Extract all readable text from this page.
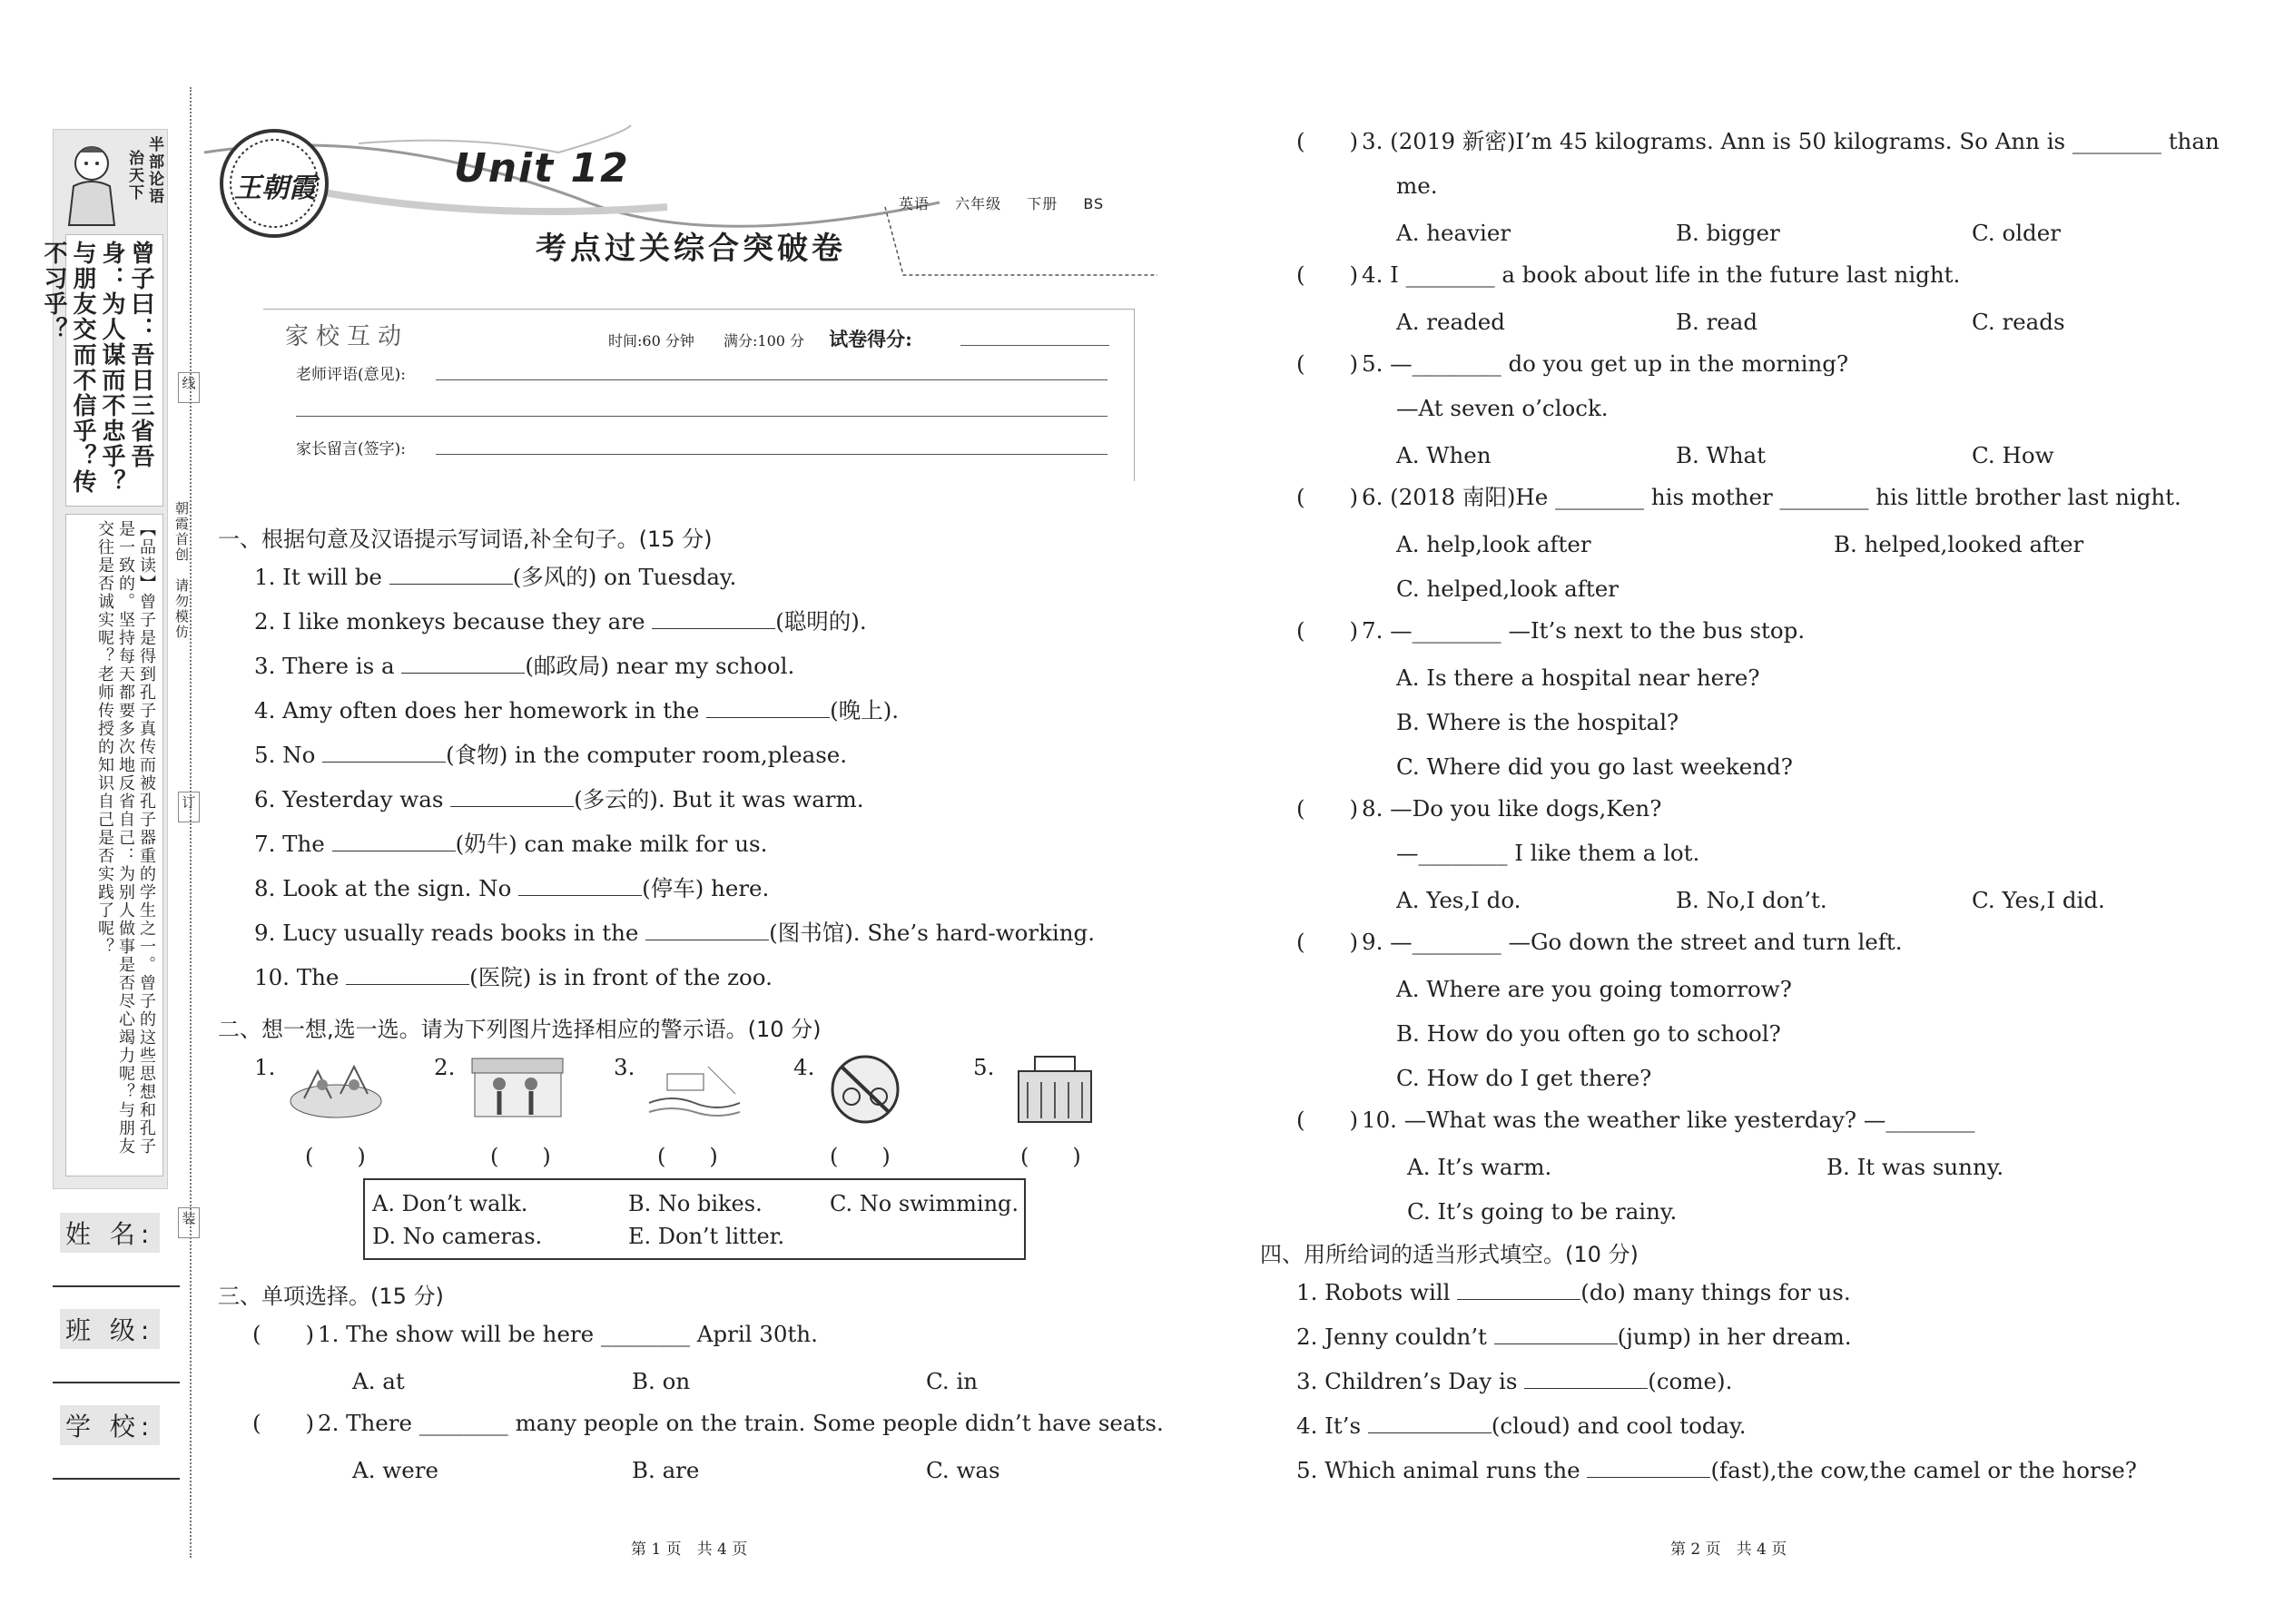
半部论语
治天下
曾子曰：吾日三省吾身：为人谋而不忠乎？与朋友交而不信乎？传不习乎？
【品读】曾子是得到孔子真传而被孔子器重的学生之一。曾子的这些思想和孔子是一致的。坚持每天都要多次地反省自己：为别人做事是否尽心竭力呢？与朋友交往是否诚实呢？老师传授的知识自己是否实践了呢？	朝霞首创　请勿模仿
线
订
装
姓 名:
班 级:
学 校:
王朝霞	Unit 12
考点过关综合突破卷
英语 六年级 下册 BS
家校互动	时间:60 分钟 满分:100 分 试卷得分:
老师评语(意见):
家长留言(签字):
一、根据句意及汉语提示写词语,补全句子。(15 分)
1. It will be	(多风的) on Tuesday.
2. I like monkeys because they are	(聪明的).
3. There is a	(邮政局) near my school.
4. Amy often does her homework in the	(晚上).
5. No	(食物) in the computer room,please.
6. Yesterday was	(多云的). But it was warm.
7. The	(奶牛) can make milk for us.
8. Look at the sign. No	(停车) here.
9. Lucy usually reads books in the	(图书馆). She’s hard-working.
10. The	(医院) is in front of the zoo.
二、想一想,选一选。请为下列图片选择相应的警示语。(10 分)
1.	2.	3.	4.	5.
(　　)	(　　)	(　　)	(　　)	(　　)
A. Don’t walk.	B. No bikes.	C. No swimming.
D. No cameras.	E. Don’t litter.
三、单项选择。(15 分)
(　　) 1. The show will be here ________ April 30th.
A. at	B. on	C. in
(　　) 2. There ________ many people on the train. Some people didn’t have seats.
A. were	B. are	C. was
第 1 页　共 4 页
(　　) 3. (2019 新密)I’m 45 kilograms. Ann is 50 kilograms. So Ann is ________ than
me.
A. heavier	B. bigger	C. older
(　　) 4. I ________ a book about life in the future last night.
A. readed	B. read	C. reads
(　　) 5. —________ do you get up in the morning?
—At seven o’clock.
A. When	B. What	C. How
(　　) 6. (2018 南阳)He ________ his mother ________ his little brother last night.
A. help,look after	B. helped,looked after
C. helped,look after
(　　) 7. —________ —It’s next to the bus stop.
A. Is there a hospital near here?
B. Where is the hospital?
C. Where did you go last weekend?
(　　) 8. —Do you like dogs,Ken?
—________ I like them a lot.
A. Yes,I do.	B. No,I don’t.	C. Yes,I did.
(　　) 9. —________ —Go down the street and turn left.
A. Where are you going tomorrow?
B. How do you often go to school?
C. How do I get there?
(　　) 10. —What was the weather like yesterday? —________
A. It’s warm.	B. It was sunny.
C. It’s going to be rainy.
四、用所给词的适当形式填空。(10 分)
1. Robots will	(do) many things for us.
2. Jenny couldn’t	(jump) in her dream.
3. Children’s Day is	(come).
4. It’s	(cloud) and cool today.
5. Which animal runs the	(fast),the cow,the camel or the horse?
第 2 页　共 4 页
